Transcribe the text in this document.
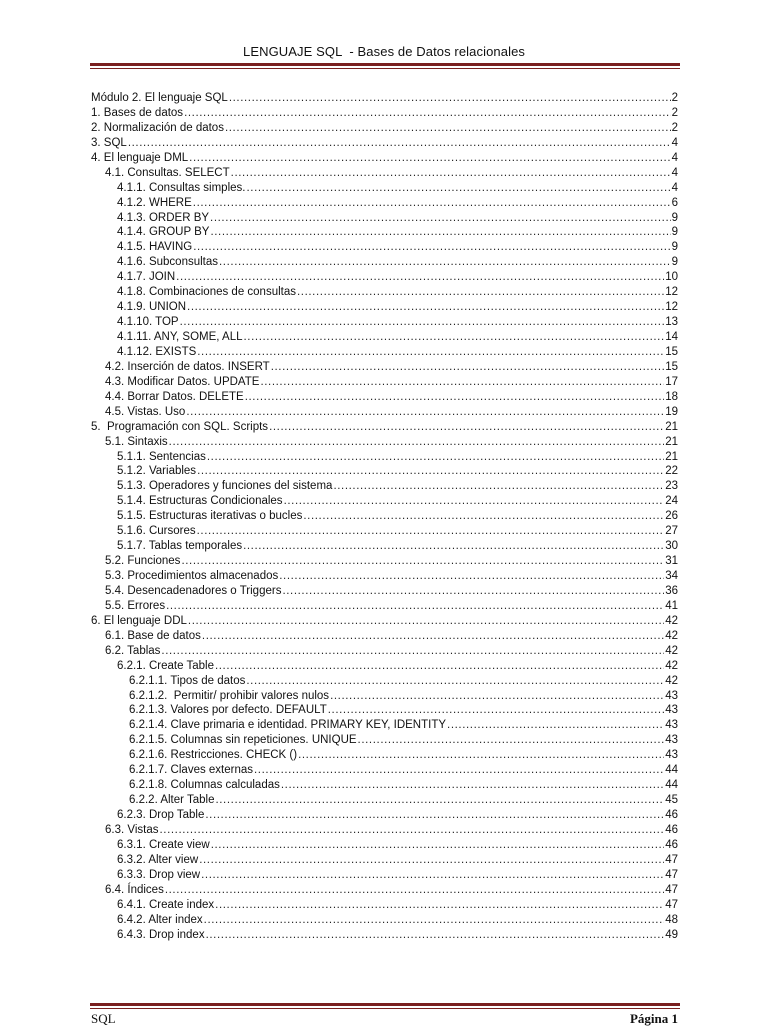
LENGUAJE SQL  - Bases de Datos relacionales
Módulo 2. El lenguaje SQL .....	2
1. Bases de datos .....	2
2. Normalización de datos .....	2
3. SQL .....	4
4. El lenguaje DML .....	4
4.1. Consultas. SELECT .....	4
4.1.1. Consultas simples. .....	4
4.1.2. WHERE .....	6
4.1.3. ORDER BY .....	9
4.1.4. GROUP BY .....	9
4.1.5. HAVING .....	9
4.1.6. Subconsultas .....	9
4.1.7. JOIN .....	10
4.1.8. Combinaciones de consultas .....	12
4.1.9. UNION .....	12
4.1.10. TOP .....	13
4.1.11. ANY, SOME, ALL .....	14
4.1.12. EXISTS .....	15
4.2. Inserción de datos. INSERT .....	15
4.3. Modificar Datos. UPDATE .....	17
4.4. Borrar Datos. DELETE .....	18
4.5. Vistas. Uso .....	19
5.  Programación con SQL. Scripts .....	21
5.1. Sintaxis .....	21
5.1.1. Sentencias .....	21
5.1.2. Variables .....	22
5.1.3. Operadores y funciones del sistema .....	23
5.1.4. Estructuras Condicionales .....	24
5.1.5. Estructuras iterativas o bucles .....	26
5.1.6. Cursores .....	27
5.1.7. Tablas temporales .....	30
5.2. Funciones .....	31
5.3. Procedimientos almacenados .....	34
5.4. Desencadenadores o Triggers .....	36
5.5. Errores .....	41
6. El lenguaje DDL .....	42
6.1. Base de datos .....	42
6.2. Tablas .....	42
6.2.1. Create Table .....	42
6.2.1.1. Tipos de datos .....	42
6.2.1.2.  Permitir/ prohibir valores nulos .....	43
6.2.1.3. Valores por defecto. DEFAULT .....	43
6.2.1.4. Clave primaria e identidad. PRIMARY KEY, IDENTITY .....	43
6.2.1.5. Columnas sin repeticiones. UNIQUE .....	43
6.2.1.6. Restricciones. CHECK () .....	43
6.2.1.7. Claves externas .....	44
6.2.1.8. Columnas calculadas .....	44
6.2.2. Alter Table .....	45
6.2.3. Drop Table .....	46
6.3. Vistas .....	46
6.3.1. Create view .....	46
6.3.2. Alter view .....	47
6.3.3. Drop view .....	47
6.4. Índices .....	47
6.4.1. Create index .....	47
6.4.2. Alter index .....	48
6.4.3. Drop index .....	49
SQL	Página 1
